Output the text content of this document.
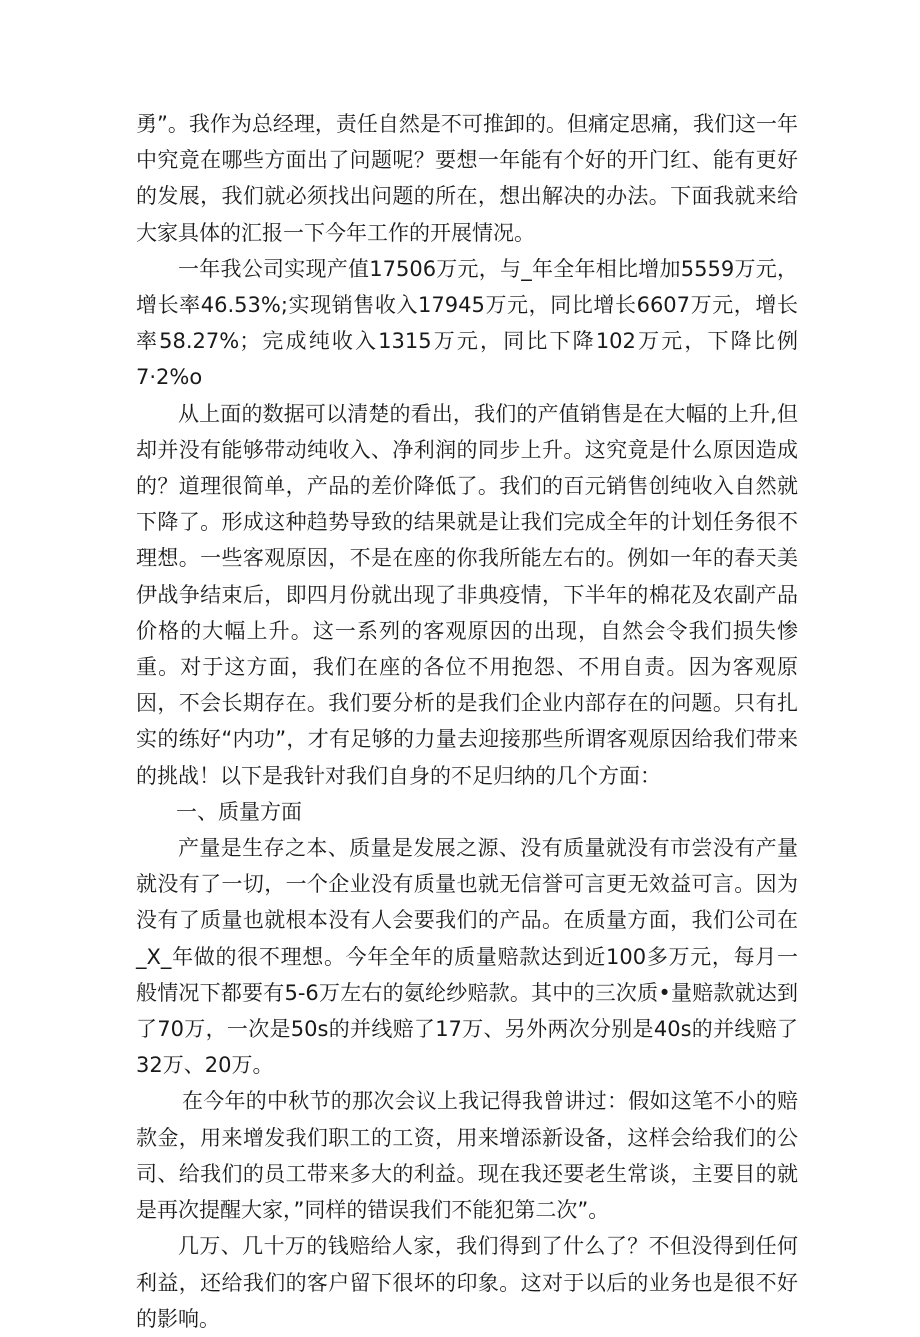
勇”。我作为总经理，责任自然是不可推卸的。但痛定思痛，我们这一年中究竟在哪些方面出了问题呢？要想一年能有个好的开门红、能有更好的发展，我们就必须找出问题的所在，想出解决的办法。下面我就来给大家具体的汇报一下今年工作的开展情况。

一年我公司实现产值17506万元，与_年全年相比增加5559万元，增长率46.53%;实现销售收入17945万元，同比增长6607万元，增长率58.27%；完成纯收入1315万元，同比下降102万元，下降比例7·2%o

从上面的数据可以清楚的看出，我们的产值销售是在大幅的上升,但却并没有能够带动纯收入、净利润的同步上升。这究竟是什么原因造成的？道理很简单，产品的差价降低了。我们的百元销售创纯收入自然就下降了。形成这种趋势导致的结果就是让我们完成全年的计划任务很不理想。一些客观原因，不是在座的你我所能左右的。例如一年的春天美伊战争结束后，即四月份就出现了非典疫情，下半年的棉花及农副产品价格的大幅上升。这一系列的客观原因的出现，自然会令我们损失惨重。对于这方面，我们在座的各位不用抱怨、不用自责。因为客观原因，不会长期存在。我们要分析的是我们企业内部存在的问题。只有扎实的练好“内功”，才有足够的力量去迎接那些所谓客观原因给我们带来的挑战！以下是我针对我们自身的不足归纳的几个方面：

一、质量方面

产量是生存之本、质量是发展之源、没有质量就没有市尝没有产量就没有了一切，一个企业没有质量也就无信誉可言更无效益可言。因为没有了质量也就根本没有人会要我们的产品。在质量方面，我们公司在_X_年做的很不理想。今年全年的质量赔款达到近100多万元，每月一般情况下都要有5-6万左右的氨纶纱赔款。其中的三次质•量赔款就达到了70万，一次是50s的并线赔了17万、另外两次分别是40s的并线赔了32万、20万。

在今年的中秋节的那次会议上我记得我曾讲过：假如这笔不小的赔款金，用来增发我们职工的工资，用来增添新设备，这样会给我们的公司、给我们的员工带来多大的利益。现在我还要老生常谈，主要目的就是再次提醒大家，”同样的错误我们不能犯第二次”。

几万、几十万的钱赔给人家，我们得到了什么了？不但没得到任何利益，还给我们的客户留下很坏的印象。这对于以后的业务也是很不好的影响。
